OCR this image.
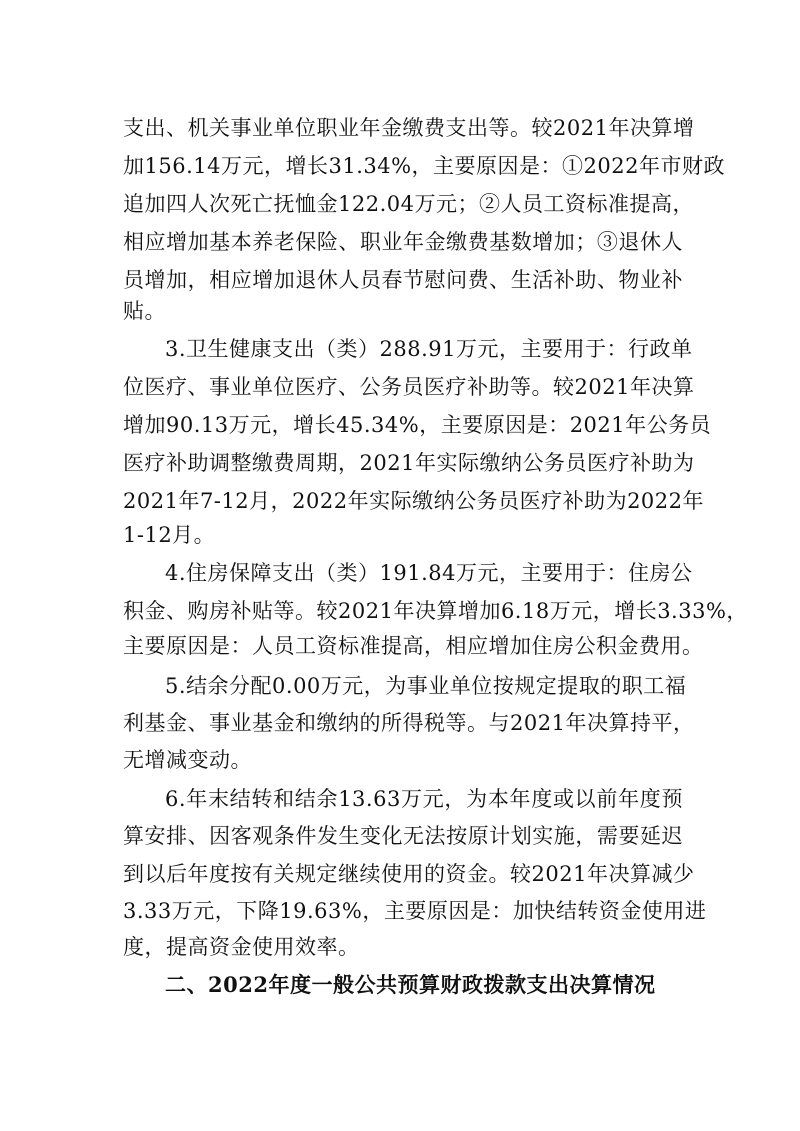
支出、机关事业单位职业年金缴费支出等。较2021年决算增
加156.14万元，增长31.34%，主要原因是：①2022年市财政
追加四人次死亡抚恤金122.04万元；②人员工资标准提高，
相应增加基本养老保险、职业年金缴费基数增加；③退休人
员增加，相应增加退休人员春节慰问费、生活补助、物业补
贴。
3.卫生健康支出（类）288.91万元，主要用于：行政单
位医疗、事业单位医疗、公务员医疗补助等。较2021年决算
增加90.13万元，增长45.34%，主要原因是：2021年公务员
医疗补助调整缴费周期，2021年实际缴纳公务员医疗补助为
2021年7-12月，2022年实际缴纳公务员医疗补助为2022年
1-12月。
4.住房保障支出（类）191.84万元，主要用于：住房公
积金、购房补贴等。较2021年决算增加6.18万元，增长3.33%，
主要原因是：人员工资标准提高，相应增加住房公积金费用。
5.结余分配0.00万元，为事业单位按规定提取的职工福
利基金、事业基金和缴纳的所得税等。与2021年决算持平，
无增减变动。
6.年末结转和结余13.63万元，为本年度或以前年度预
算安排、因客观条件发生变化无法按原计划实施，需要延迟
到以后年度按有关规定继续使用的资金。较2021年决算减少
3.33万元，下降19.63%，主要原因是：加快结转资金使用进
度，提高资金使用效率。
二、2022年度一般公共预算财政拨款支出决算情况
